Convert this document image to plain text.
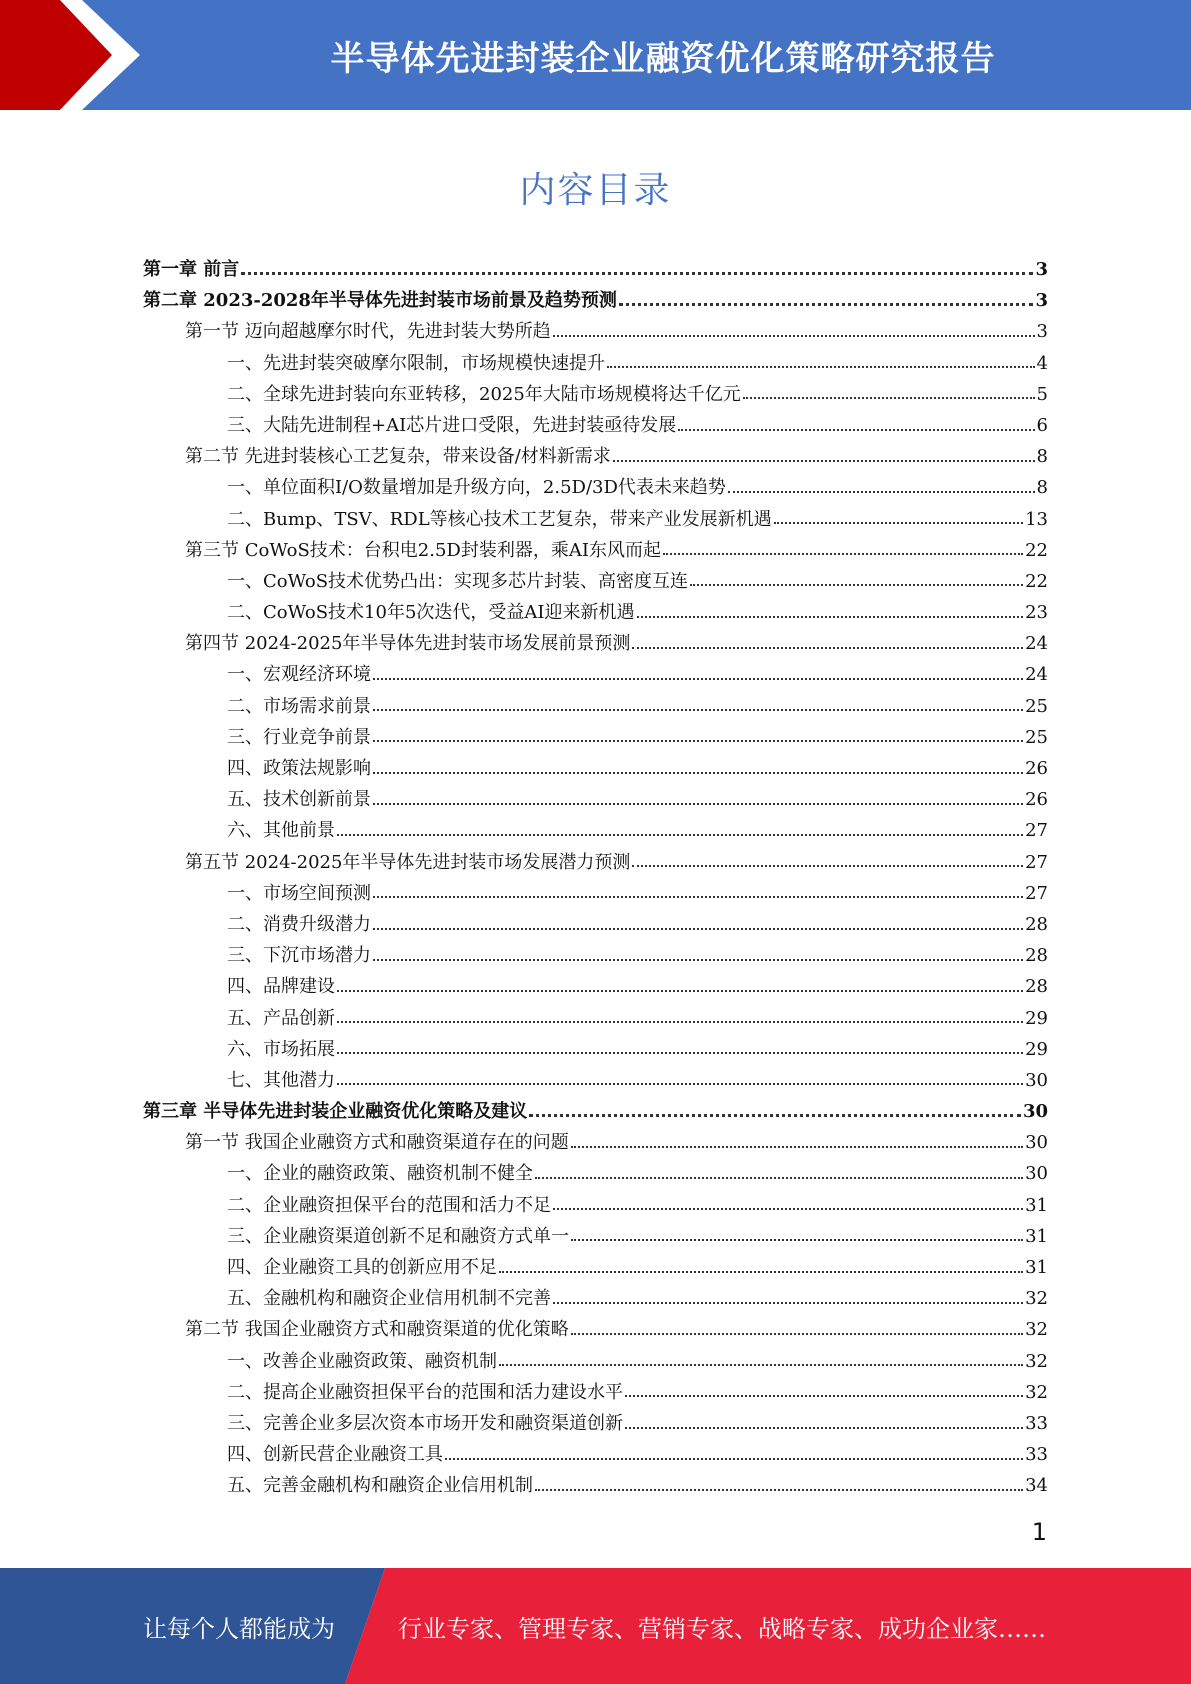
半导体先进封装企业融资优化策略研究报告
内容目录
第一章 前言	3
第二章 2023-2028年半导体先进封装市场前景及趋势预测	3
第一节 迈向超越摩尔时代，先进封装大势所趋	3
一、先进封装突破摩尔限制，市场规模快速提升	4
二、全球先进封装向东亚转移，2025年大陆市场规模将达千亿元	5
三、大陆先进制程+AI芯片进口受限，先进封装亟待发展	6
第二节 先进封装核心工艺复杂，带来设备/材料新需求	8
一、单位面积I/O数量增加是升级方向，2.5D/3D代表未来趋势	8
二、Bump、TSV、RDL等核心技术工艺复杂，带来产业发展新机遇	13
第三节 CoWoS技术：台积电2.5D封装利器，乘AI东风而起	22
一、CoWoS技术优势凸出：实现多芯片封装、高密度互连	22
二、CoWoS技术10年5次迭代，受益AI迎来新机遇	23
第四节 2024-2025年半导体先进封装市场发展前景预测	24
一、宏观经济环境	24
二、市场需求前景	25
三、行业竞争前景	25
四、政策法规影响	26
五、技术创新前景	26
六、其他前景	27
第五节 2024-2025年半导体先进封装市场发展潜力预测	27
一、市场空间预测	27
二、消费升级潜力	28
三、下沉市场潜力	28
四、品牌建设	28
五、产品创新	29
六、市场拓展	29
七、其他潜力	30
第三章 半导体先进封装企业融资优化策略及建议	30
第一节 我国企业融资方式和融资渠道存在的问题	30
一、企业的融资政策、融资机制不健全	30
二、企业融资担保平台的范围和活力不足	31
三、企业融资渠道创新不足和融资方式单一	31
四、企业融资工具的创新应用不足	31
五、金融机构和融资企业信用机制不完善	32
第二节 我国企业融资方式和融资渠道的优化策略	32
一、改善企业融资政策、融资机制	32
二、提高企业融资担保平台的范围和活力建设水平	32
三、完善企业多层次资本市场开发和融资渠道创新	33
四、创新民营企业融资工具	33
五、完善金融机构和融资企业信用机制	34
1
让每个人都能成为	行业专家、管理专家、营销专家、战略专家、成功企业家……
